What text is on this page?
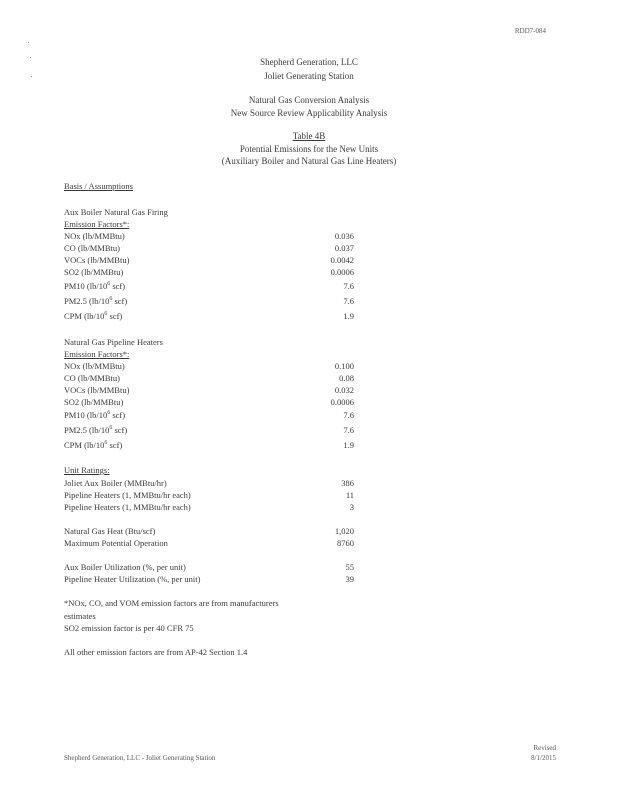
RDD7-084
Shepherd Generation, LLC
Joliet Generating Station
Natural Gas Conversion Analysis
New Source Review Applicability Analysis
Table 4B
Potential Emissions for the New Units
(Auxiliary Boiler and Natural Gas Line Heaters)
Basis / Assumptions
Aux Boiler Natural Gas Firing
Emission Factors*:
NOx (lb/MMBtu)	0.036
CO (lb/MMBtu)	0.037
VOCs (lb/MMBtu)	0.0042
SO2 (lb/MMBtu)	0.0006
PM10 ($lb/10^6$ scf)	7.6
PM2.5 ($lb/10^6$ scf)	7.6
CPM ($lb/10^6$ scf)	1.9
Natural Gas Pipeline Heaters
Emission Factors*:
NOx (lb/MMBtu)	0.100
CO (lb/MMBtu)	0.08
VOCs (lb/MMBtu)	0.032
SO2 (lb/MMBtu)	0.0006
PM10 ($lb/10^6$ scf)	7.6
PM2.5 ($lb/10^6$ scf)	7.6
CPM ($lb/10^6$ scf)	1.9
Unit Ratings:
Joliet Aux Boiler (MMBtu/hr)	386
Pipeline Heaters (1, MMBtu/hr each)	11
Pipeline Heaters (1, MMBtu/hr each)	3
Natural Gas Heat (Btu/scf)	1,020
Maximum Potential Operation	8760
Aux Boiler Utilization (%, per unit)	55
Pipeline Heater Utilization (%, per unit)	39
*NOx, CO, and VOM emission factors are from manufacturers
estimates
SO2 emission factor is per 40 CFR 75
All other emission factors are from AP-42 Section 1.4
Shepherd Generation, LLC - Joliet Generating Station
Revised
8/1/2015
